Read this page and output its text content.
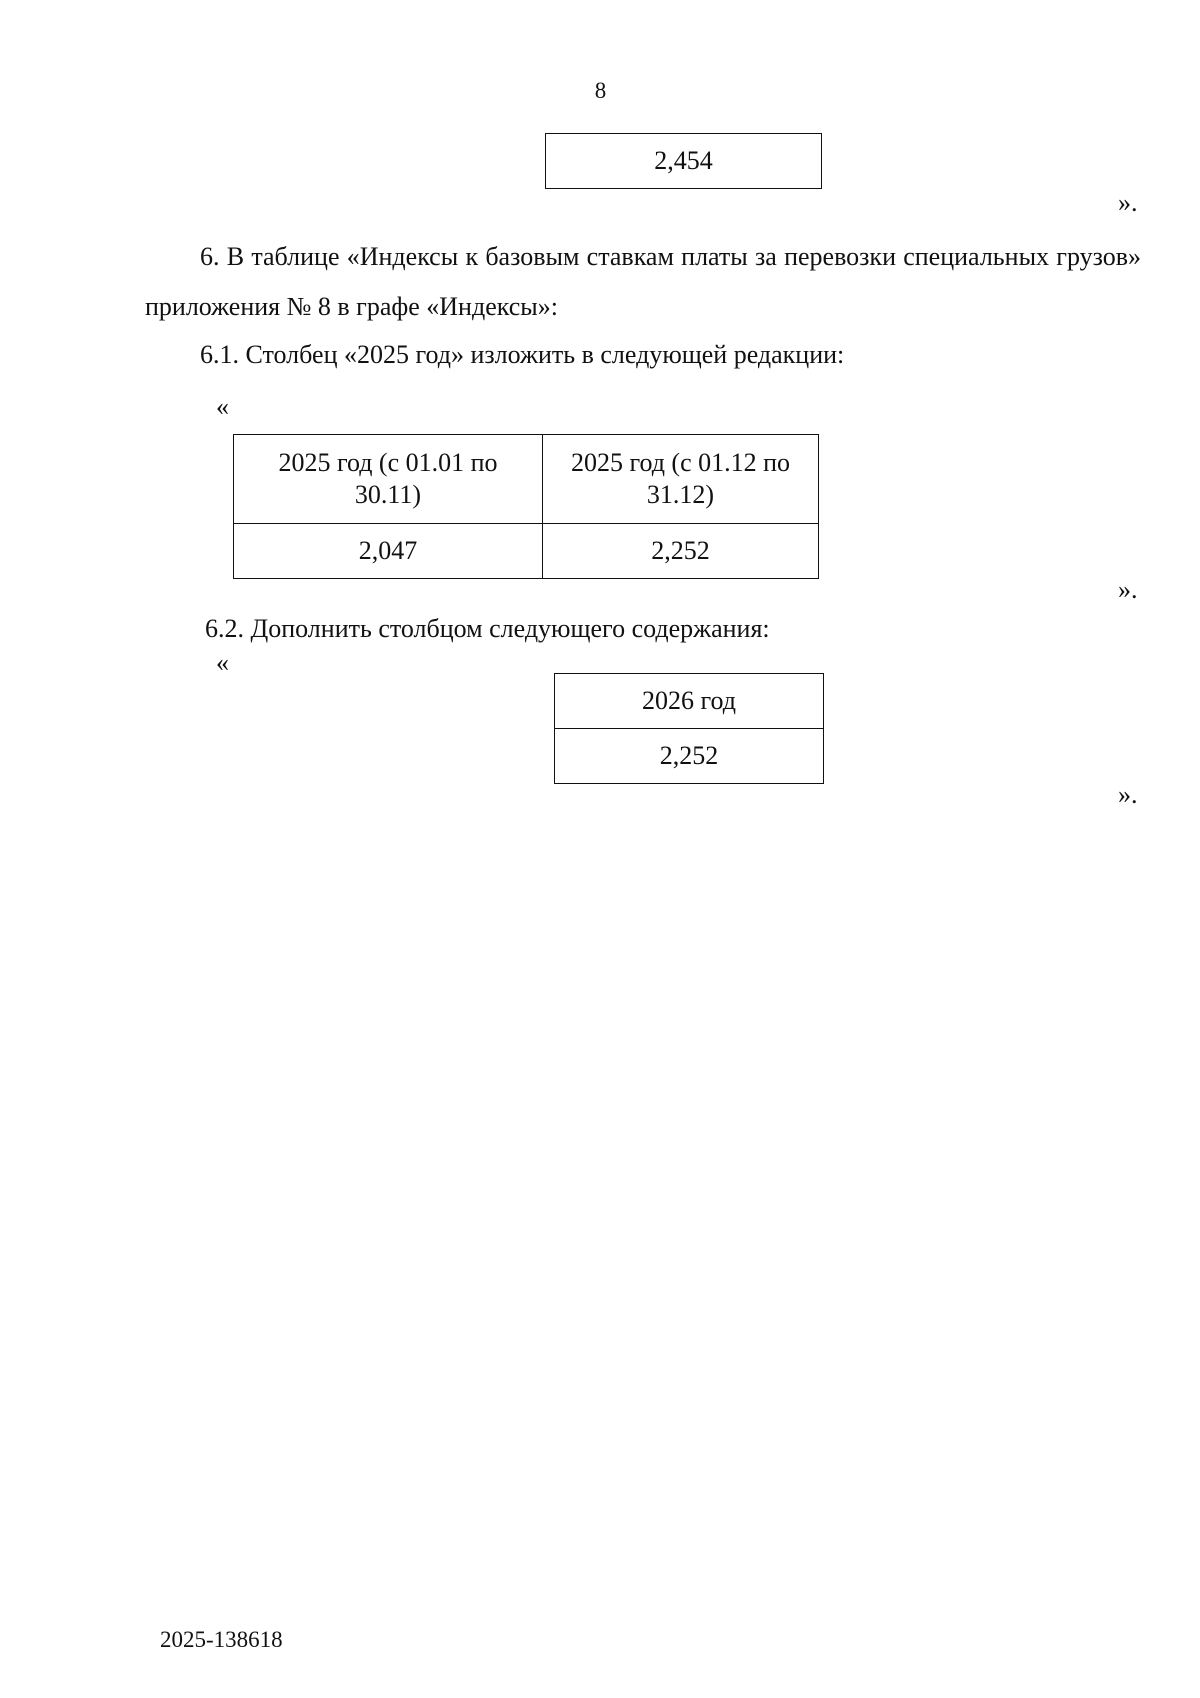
8
2,454
».

6. В таблице «Индексы к базовым ставкам платы за перевозки специальных грузов» приложения № 8 в графе «Индексы»:

6.1. Столбец «2025 год» изложить в следующей редакции:

«
2025 год (с 01.01 по 30.11)	2025 год (с 01.12 по 31.12)
2,047	2,252
».

6.2. Дополнить столбцом следующего содержания:

«
2026 год
2,252
».
2025-138618
